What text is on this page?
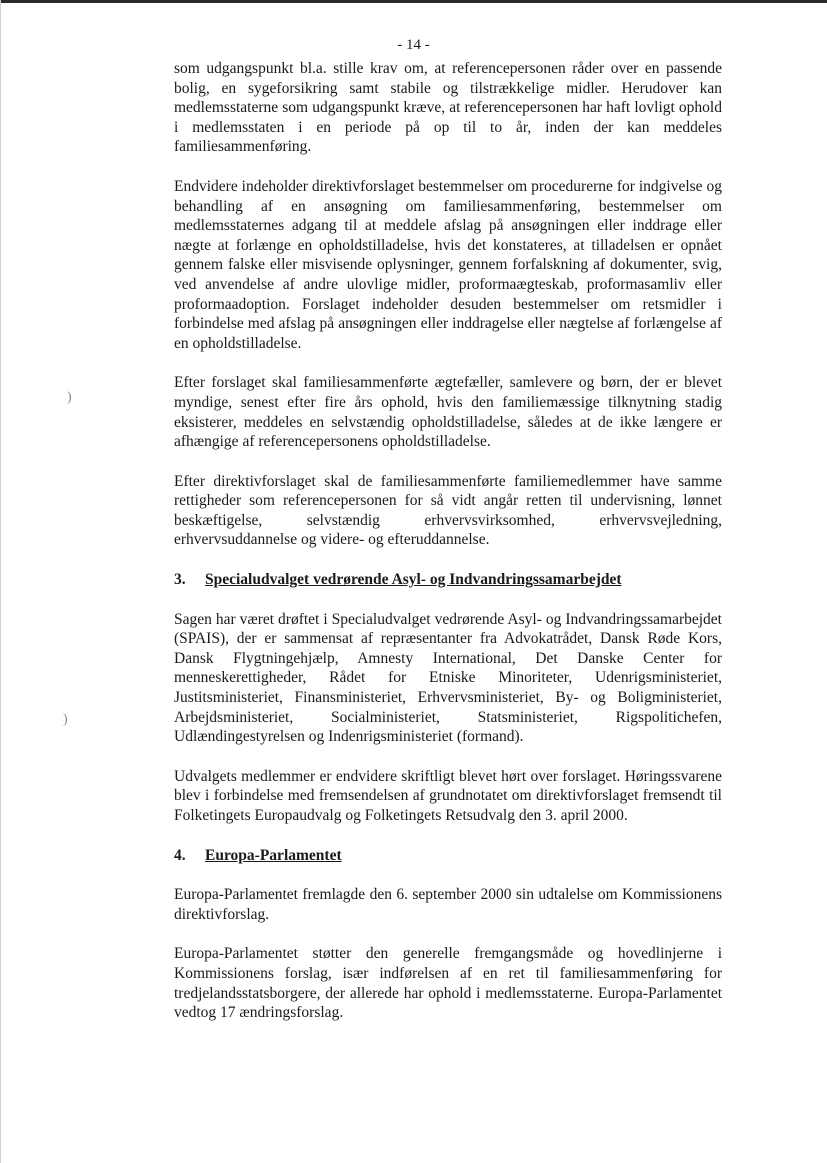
)
)
- 14 -

som udgangspunkt bl.a. stille krav om, at referencepersonen råder over en passende bolig, en sygeforsikring samt stabile og tilstrækkelige midler. Herudover kan medlemsstaterne som udgangspunkt kræve, at referencepersonen har haft lovligt ophold i medlemsstaten i en periode på op til to år, inden der kan meddeles familiesammenføring.

Endvidere indeholder direktivforslaget bestemmelser om procedurerne for indgivelse og behandling af en ansøgning om familiesammenføring, bestemmelser om medlemsstaternes adgang til at meddele afslag på ansøgningen eller inddrage eller nægte at forlænge en opholdstilladelse, hvis det konstateres, at tilladelsen er opnået gennem falske eller misvisende oplysninger, gennem forfalskning af dokumenter, svig, ved anvendelse af andre ulovlige midler, proformaægteskab, proformasamliv eller proformaadoption. Forslaget indeholder desuden bestemmelser om retsmidler i forbindelse med afslag på ansøgningen eller inddragelse eller nægtelse af forlængelse af en opholdstilladelse.

Efter forslaget skal familiesammenførte ægtefæller, samlevere og børn, der er blevet myndige, senest efter fire års ophold, hvis den familiemæssige tilknytning stadig eksisterer, meddeles en selvstændig opholdstilladelse, således at de ikke længere er afhængige af referencepersonens opholdstilladelse.

Efter direktivforslaget skal de familiesammenførte familiemedlemmer have samme rettigheder som referencepersonen for så vidt angår retten til undervisning, lønnet beskæftigelse, selvstændig erhvervsvirksomhed, erhvervsvejledning, erhvervsuddannelse og videre- og efteruddannelse.

3.	Specialudvalget vedrørende Asyl- og Indvandringssamarbejdet

Sagen har været drøftet i Specialudvalget vedrørende Asyl- og Indvandringssamarbejdet (SPAIS), der er sammensat af repræsentanter fra Advokatrådet, Dansk Røde Kors, Dansk Flygtningehjælp, Amnesty International, Det Danske Center for menneskerettigheder, Rådet for Etniske Minoriteter, Udenrigsministeriet, Justitsministeriet, Finansministeriet, Erhvervsministeriet, By- og Boligministeriet, Arbejdsministeriet, Socialministeriet, Statsministeriet, Rigspolitichefen, Udlændingestyrelsen og Indenrigsministeriet (formand).

Udvalgets medlemmer er endvidere skriftligt blevet hørt over forslaget. Høringssvarene blev i forbindelse med fremsendelsen af grundnotatet om direktivforslaget fremsendt til Folketingets Europaudvalg og Folketingets Retsudvalg den 3. april 2000.

4.	Europa-Parlamentet

Europa-Parlamentet fremlagde den 6. september 2000 sin udtalelse om Kommissionens direktivforslag.

Europa-Parlamentet støtter den generelle fremgangsmåde og hovedlinjerne i Kommissionens forslag, især indførelsen af en ret til familiesammenføring for tredjelandsstatsborgere, der allerede har ophold i medlemsstaterne. Europa-Parlamentet vedtog 17 ændringsforslag.
